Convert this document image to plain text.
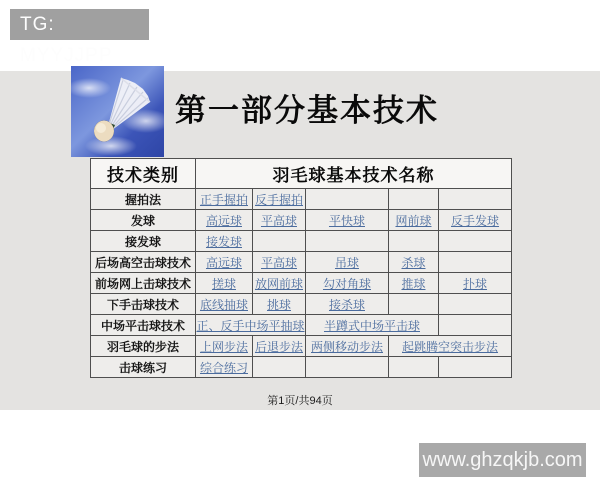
TG: MYYJJPP
第一部分基本技术
技术类别	羽毛球基本技术名称				
握拍法	正手握拍	反手握拍			
发球	高远球	平高球	平快球	网前球	反手发球
接发球	接发球				
后场高空击球技术	高远球	平高球	吊球	杀球	
前场网上击球技术	搓球	放网前球	勾对角球	推球	扑球
下手击球技术	底线抽球	挑球	接杀球		
中场平击球技术	正、反手中场平抽球		半蹲式中场平击球		
羽毛球的步法	上网步法	后退步法	两侧移动步法	起跳腾空突击步法	
击球练习	综合练习				
第1页/共94页
www.ghzqkjb.com
